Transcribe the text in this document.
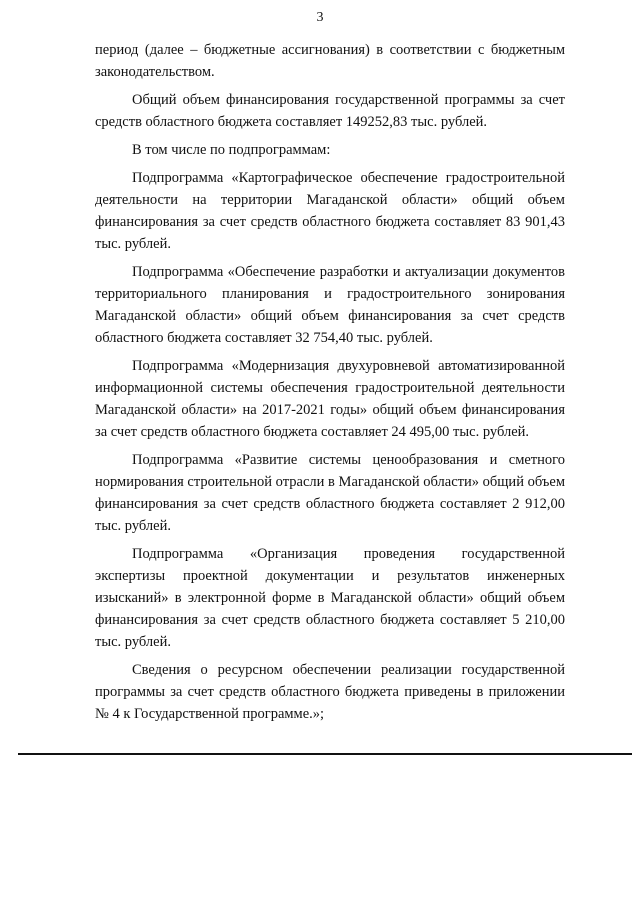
3

период (далее – бюджетные ассигнования) в соответствии с бюджетным законодательством.

Общий объем финансирования государственной программы за счет средств областного бюджета составляет 149252,83 тыс. рублей.

В том числе по подпрограммам:

Подпрограмма «Картографическое обеспечение градостроительной деятельности на территории Магаданской области» общий объем финансирования за счет средств областного бюджета составляет 83 901,43 тыс. рублей.

Подпрограмма «Обеспечение разработки и актуализации документов территориального планирования и градостроительного зонирования Магаданской области» общий объем финансирования за счет средств областного бюджета составляет 32 754,40 тыс. рублей.

Подпрограмма «Модернизация двухуровневой автоматизированной информационной системы обеспечения градостроительной деятельности Магаданской области» на 2017-2021 годы» общий объем финансирования за счет средств областного бюджета составляет 24 495,00 тыс. рублей.

Подпрограмма «Развитие системы ценообразования и сметного нормирования строительной отрасли в Магаданской области» общий объем финансирования за счет средств областного бюджета составляет 2 912,00 тыс. рублей.

Подпрограмма «Организация проведения государственной экспертизы проектной документации и результатов инженерных изысканий» в электронной форме в Магаданской области» общий объем финансирования за счет средств областного бюджета составляет 5 210,00 тыс. рублей.

Сведения о ресурсном обеспечении реализации государственной программы за счет средств областного бюджета приведены в приложении № 4 к Государственной программе.»;
